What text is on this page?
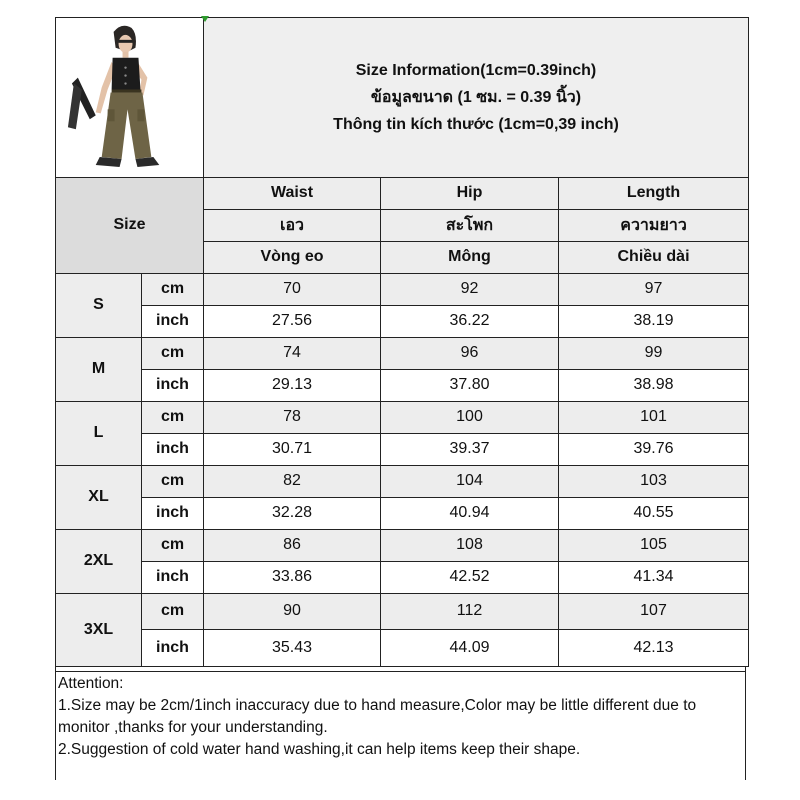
Size Information(1cm=0.39inch)
ข้อมูลขนาด (1 ซม. = 0.39 นิ้ว)
Thông tin kích thước (1cm=0,39 inch)		

Size		Waist	Hip	Length
		เอว	สะโพก	ความยาว
		Vòng eo	Mông	Chiều dài
S	cm	70	92	97
	inch	27.56	36.22	38.19
M	cm	74	96	99
	inch	29.13	37.80	38.98
L	cm	78	100	101
	inch	30.71	39.37	39.76
XL	cm	82	104	103
	inch	32.28	40.94	40.55
2XL	cm	86	108	105
	inch	33.86	42.52	41.34
3XL	cm	90	112	107
	inch	35.43	44.09	42.13
Attention:
1.Size may be 2cm/1inch inaccuracy due to hand measure,Color may be little different due to monitor ,thanks for your understanding.
2.Suggestion of cold water hand washing,it can help items keep their shape.
